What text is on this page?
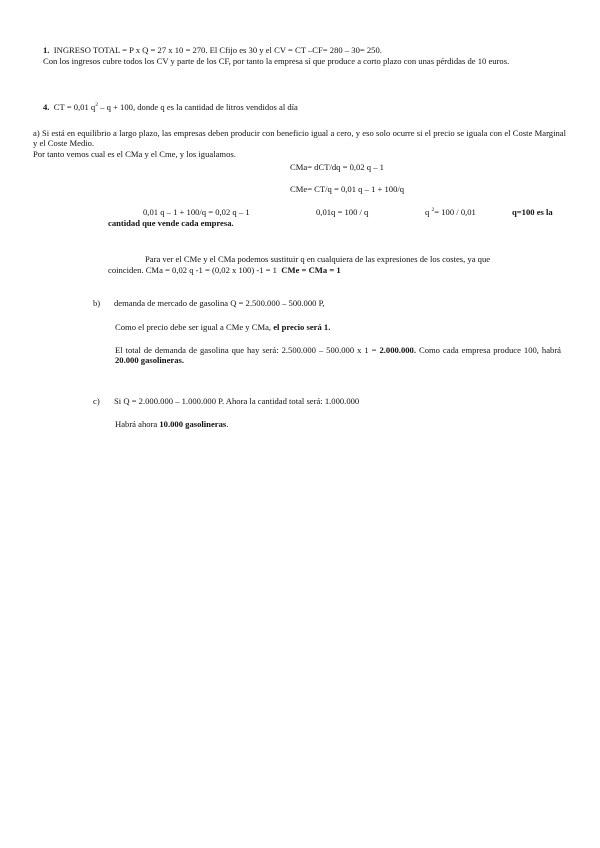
1. INGRESO TOTAL = P x Q = 27 x 10 = 270. El Cfijo es 30 y el CV = CT –CF= 280 – 30= 250.
Con los ingresos cubre todos los CV y parte de los CF, por tanto la empresa sí que produce a corto plazo con unas pérdidas de 10 euros.
4. CT = 0,01 $q^2 - q + 100$, donde q es la cantidad de litros vendidos al día
a) Si está en equilibrio a largo plazo, las empresas deben producir con beneficio igual a cero, y eso solo ocurre si el precio se iguala con el Coste Marginal y el Coste Medio.
Por tanto vemos cual es el CMa y el Cme, y los igualamos.
CMa= dCT/dq = 0,02 q – 1
CMe= CT/q = 0,01 q – 1 + 100/q
0,01 q – 1 + 100/q = 0,02 q – 1	0,01q = 100 / q	q $^2$= 100 / 0,01	q=100 es la
cantidad que vende cada empresa.
Para ver el CMe y el CMa podemos sustituir q en cualquiera de las expresiones de los costes, ya que
coinciden. CMa = 0,02 q -1 = (0,02 x 100) -1 = 1 CMe = CMa = 1
b) demanda de mercado de gasolina Q = 2.500.000 – 500.000 P,
Como el precio debe ser igual a CMe y CMa, el precio será 1.
El total de demanda de gasolina que hay será: 2.500.000 – 500.000 x 1 = 2.000.000. Como cada empresa produce 100, habrá 20.000 gasolineras.
c) Si Q = 2.000.000 – 1.000.000 P. Ahora la cantidad total será: 1.000.000
Habrá ahora 10.000 gasolineras.
